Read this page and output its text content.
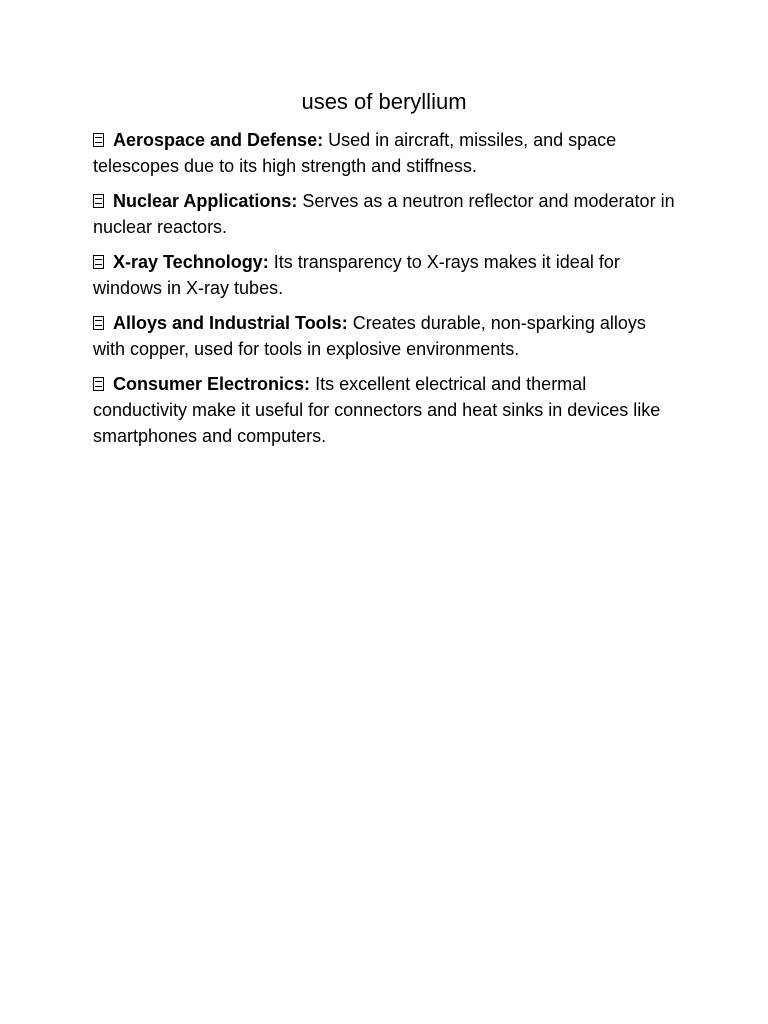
uses of beryllium

Aerospace and Defense: Used in aircraft, missiles, and space telescopes due to its high strength and stiffness.

Nuclear Applications: Serves as a neutron reflector and moderator in nuclear reactors.

X-ray Technology: Its transparency to X-rays makes it ideal for windows in X-ray tubes.

Alloys and Industrial Tools: Creates durable, non-sparking alloys with copper, used for tools in explosive environments.

Consumer Electronics: Its excellent electrical and thermal conductivity make it useful for connectors and heat sinks in devices like smartphones and computers.
